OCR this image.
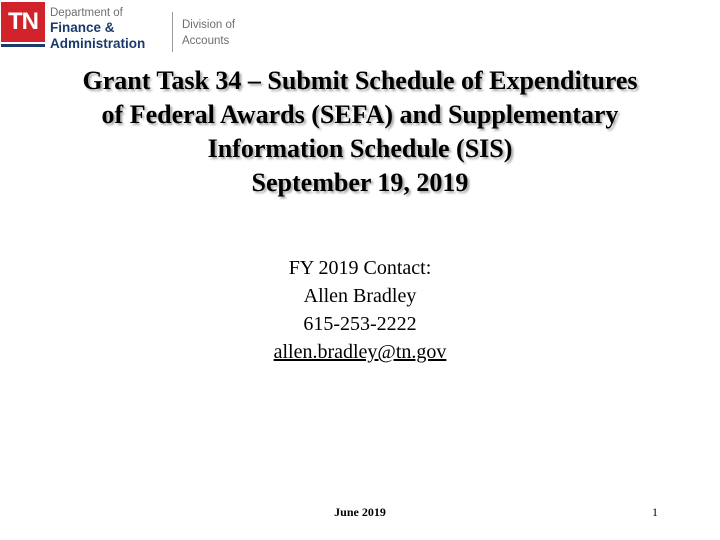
TN	Department of
Finance &
Administration
Division of
Accounts
Grant Task 34 – Submit Schedule of Expenditures
of Federal Awards (SEFA) and Supplementary
Information Schedule (SIS)
September 19, 2019
FY 2019 Contact:
Allen Bradley
615-253-2222
allen.bradley@tn.gov
June 2019	1
